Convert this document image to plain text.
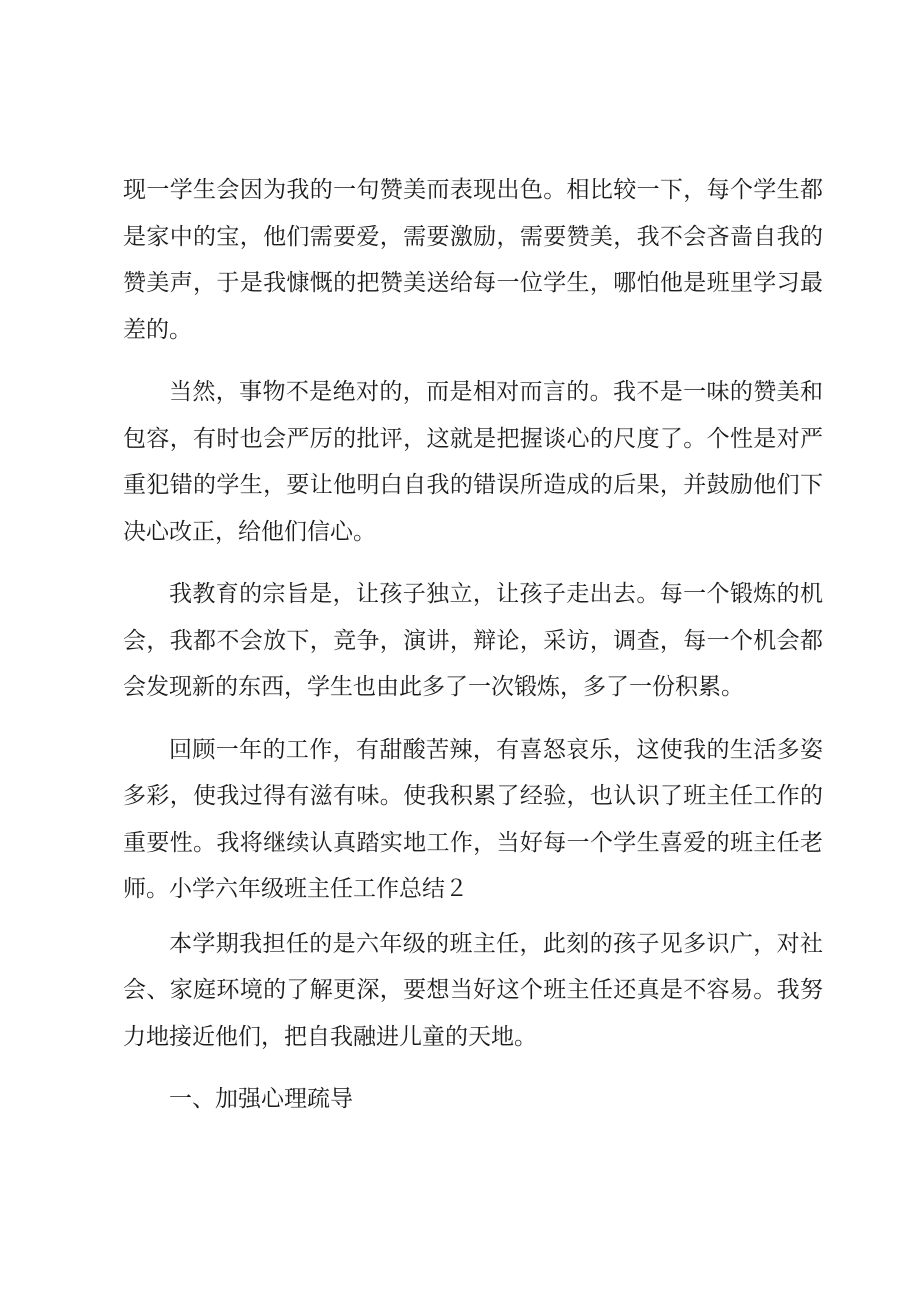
现一学生会因为我的一句赞美而表现出色。相比较一下，每个学生都是家中的宝，他们需要爱，需要激励，需要赞美，我不会吝啬自我的赞美声，于是我慷慨的把赞美送给每一位学生，哪怕他是班里学习最差的。

当然，事物不是绝对的，而是相对而言的。我不是一味的赞美和包容，有时也会严厉的批评，这就是把握谈心的尺度了。个性是对严重犯错的学生，要让他明白自我的错误所造成的后果，并鼓励他们下决心改正，给他们信心。

我教育的宗旨是，让孩子独立，让孩子走出去。每一个锻炼的机会，我都不会放下，竞争，演讲，辩论，采访，调查，每一个机会都会发现新的东西，学生也由此多了一次锻炼，多了一份积累。

回顾一年的工作，有甜酸苦辣，有喜怒哀乐，这使我的生活多姿多彩，使我过得有滋有味。使我积累了经验，也认识了班主任工作的重要性。我将继续认真踏实地工作，当好每一个学生喜爱的班主任老师。小学六年级班主任工作总结２

本学期我担任的是六年级的班主任，此刻的孩子见多识广，对社会、家庭环境的了解更深，要想当好这个班主任还真是不容易。我努力地接近他们，把自我融进儿童的天地。

一、加强心理疏导
